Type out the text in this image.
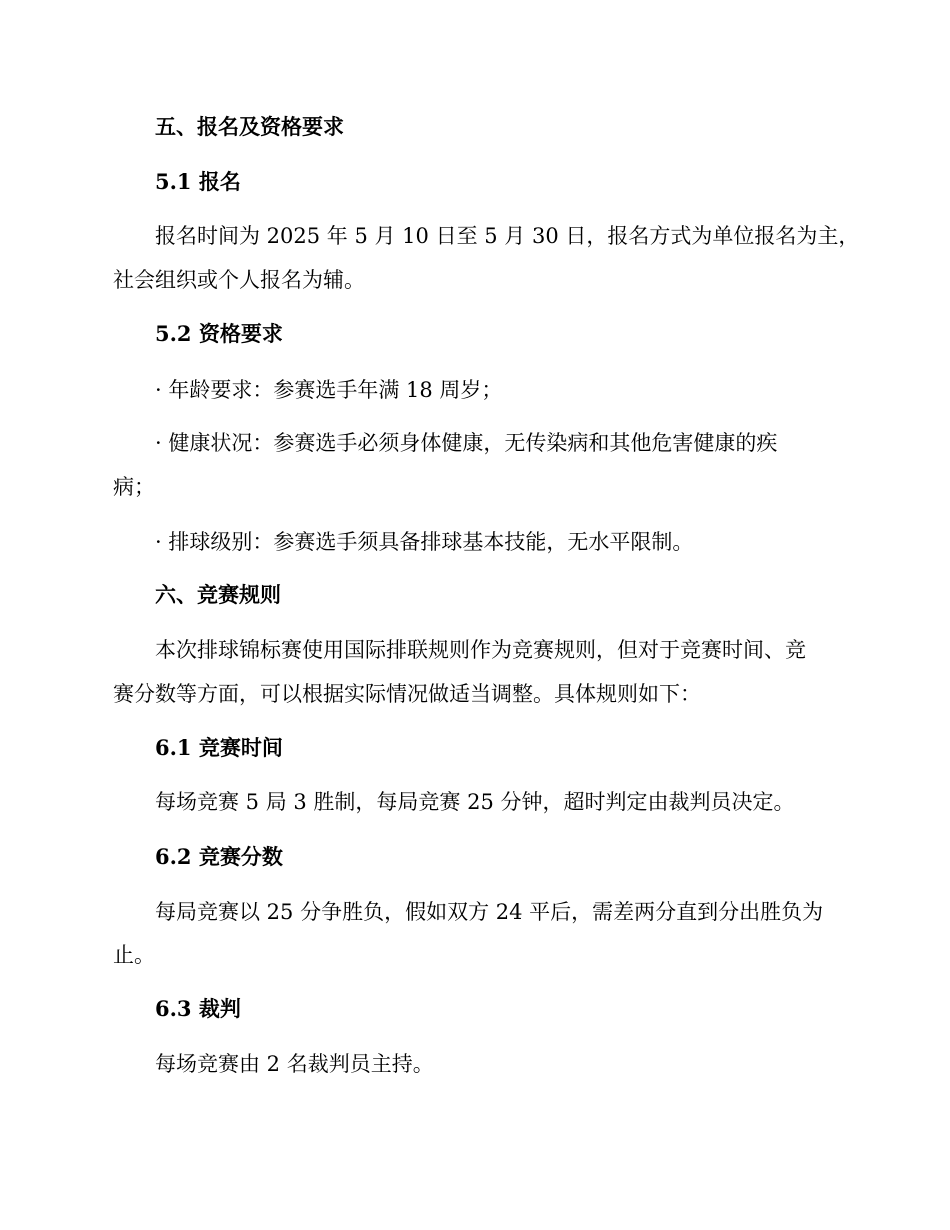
五、报名及资格要求
5.1 报名
报名时间为 2025 年 5 月 10 日至 5 月 30 日，报名方式为单位报名为主，
社会组织或个人报名为辅。
5.2 资格要求
· 年龄要求：参赛选手年满 18 周岁；
· 健康状况：参赛选手必须身体健康，无传染病和其他危害健康的疾
病；
· 排球级别：参赛选手须具备排球基本技能，无水平限制。
六、竞赛规则
本次排球锦标赛使用国际排联规则作为竞赛规则，但对于竞赛时间、竞
赛分数等方面，可以根据实际情况做适当调整。具体规则如下：
6.1 竞赛时间
每场竞赛 5 局 3 胜制，每局竞赛 25 分钟，超时判定由裁判员决定。
6.2 竞赛分数
每局竞赛以 25 分争胜负，假如双方 24 平后，需差两分直到分出胜负为
止。
6.3 裁判
每场竞赛由 2 名裁判员主持。
